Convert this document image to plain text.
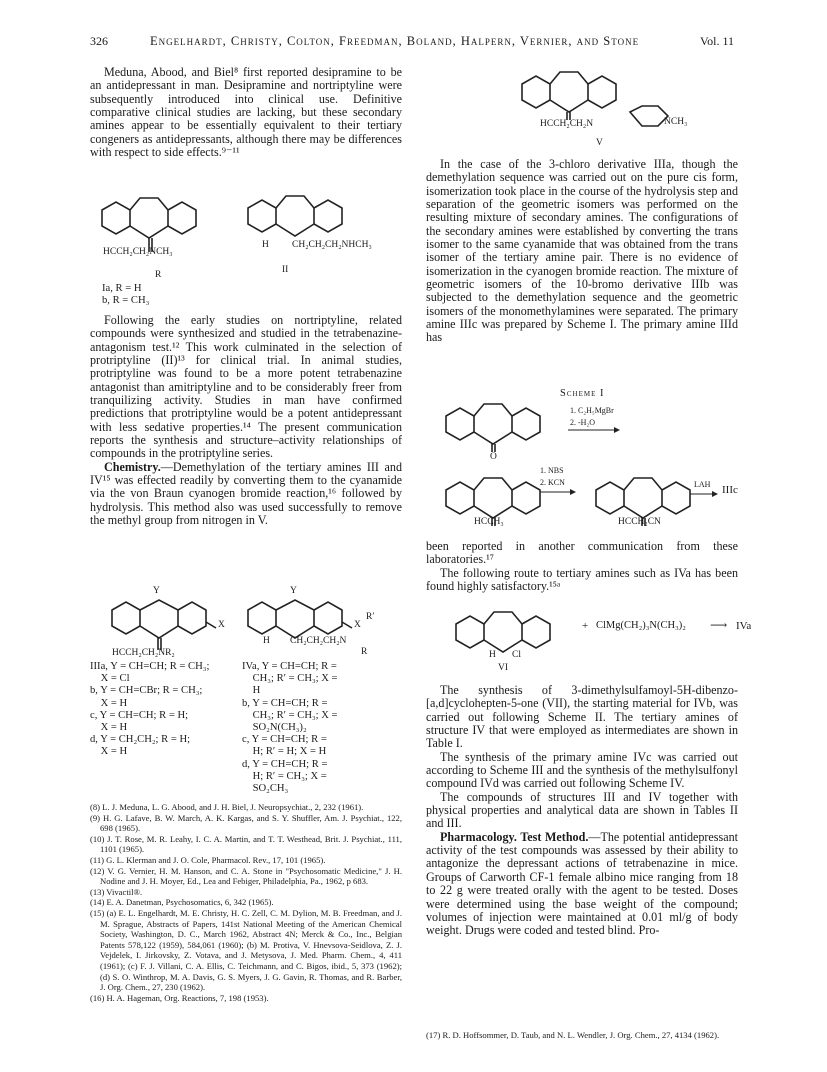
326	Engelhardt, Christy, Colton, Freedman, Boland, Halpern, Vernier, and Stone	Vol. 11

Meduna, Abood, and Biel⁸ first reported desipramine to be an antidepressant in man. Desipramine and nortriptyline were subsequently introduced into clinical use. Definitive comparative clinical studies are lacking, but these secondary amines appear to be essentially equivalent to their tertiary congeners as antidepressants, although there may be differences with respect to side effects.⁹⁻¹¹

HCCH₂CH₂NCH₃
R
Ia, R = H
b, R = CH₃
H CH₂CH₂CH₂NHCH₃
II

Following the early studies on nortriptyline, related compounds were synthesized and studied in the tetrabenazine-antagonism test.¹² This work culminated in the selection of protriptyline (II)¹³ for clinical trial. In animal studies, protriptyline was found to be a more potent tetrabenazine antagonist than amitriptyline and to be considerably freer from tranquilizing activity. Studies in man have confirmed predictions that protriptyline would be a potent antidepressant with less sedative properties.¹⁴ The present communication reports the synthesis and structure–activity relationships of compounds in the protriptyline series.

Chemistry.—Demethylation of the tertiary amines III and IV¹⁵ was effected readily by converting them to the cyanamide via the von Braun cyanogen bromide reaction,¹⁶ followed by hydrolysis. This method also was used successfully to remove the methyl group from nitrogen in V.

Y
X
HCCH₂CH₂NR₂
IIIa, Y = CH=CH; R = CH₃;
X = Cl
b, Y = CH=CBr; R = CH₃;
X = H
c, Y = CH=CH; R = H;
X = H
d, Y = CH₂CH₂; R = H;
X = H
Y
X
R′
H CH₂CH₂CH₂N
R
IVa, Y = CH=CH; R =
CH₃; R′ = CH₃; X =
H
b, Y = CH=CH; R =
CH₃; R′ = CH₃; X =
SO₂N(CH₃)₂
c, Y = CH=CH; R =
H; R′ = H; X = H
d, Y = CH=CH; R =
H; R′ = CH₃; X =
SO₂CH₃

(8) L. J. Meduna, L. G. Abood, and J. H. Biel, J. Neuropsychiat., 2, 232 (1961).

(9) H. G. Lafave, B. W. March, A. K. Kargas, and S. Y. Shuffler, Am. J. Psychiat., 122, 698 (1965).

(10) J. T. Rose, M. R. Leahy, I. C. A. Martin, and T. T. Westhead, Brit. J. Psychiat., 111, 1101 (1965).

(11) G. L. Klerman and J. O. Cole, Pharmacol. Rev., 17, 101 (1965).

(12) V. G. Vernier, H. M. Hanson, and C. A. Stone in "Psychosomatic Medicine," J. H. Nodine and J. H. Moyer, Ed., Lea and Febiger, Philadelphia, Pa., 1962, p 683.

(13) Vivactil®.

(14) E. A. Danetman, Psychosomatics, 6, 342 (1965).

(15) (a) E. L. Engelhardt, M. E. Christy, H. C. Zell, C. M. Dylion, M. B. Freedman, and J. M. Sprague, Abstracts of Papers, 141st National Meeting of the American Chemical Society, Washington, D. C., March 1962, Abstract 4N; Merck & Co., Inc., Belgian Patents 578,122 (1959), 584,061 (1960); (b) M. Protiva, V. Hnevsova-Seidlova, Z. J. Vejdelek, I. Jirkovsky, Z. Votava, and J. Metysova, J. Med. Pharm. Chem., 4, 411 (1961); (c) F. J. Villani, C. A. Ellis, C. Teichmann, and C. Bigos, ibid., 5, 373 (1962); (d) S. O. Winthrop, M. A. Davis, G. S. Myers, J. G. Gavin, R. Thomas, and R. Barber, J. Org. Chem., 27, 230 (1962).

(16) H. A. Hageman, Org. Reactions, 7, 198 (1953).

HCCH₂CH₂N	NCH₃
V

In the case of the 3-chloro derivative IIIa, though the demethylation sequence was carried out on the pure cis form, isomerization took place in the course of the hydrolysis step and separation of the geometric isomers was performed on the resulting mixture of secondary amines. The configurations of the secondary amines were established by converting the trans isomer to the same cyanamide that was obtained from the trans isomer of the tertiary amine pair. There is no evidence of isomerization in the cyanogen bromide reaction. The mixture of geometric isomers of the 10-bromo derivative IIIb was subjected to the demethylation sequence and the geometric isomers of the monomethylamines were separated. The primary amine IIIc was prepared by Scheme I. The primary amine IIId has

Scheme I
O
1. C₂H₅MgBr
2. -H₂O
HCCH₃
1. NBS
2. KCN
HCCH₂CN
LAH IIIc

been reported in another communication from these laboratories.¹⁷

The following route to tertiary amines such as IVa has been found highly satisfactory.¹⁵ᵃ

H Cl
VI
+ ClMg(CH₂)₃N(CH₃)₂ ⟶ IVa

The synthesis of 3-dimethylsulfamoyl-5H-dibenzo-[a,d]cyclohepten-5-one (VII), the starting material for IVb, was carried out following Scheme II. The tertiary amines of structure IV that were employed as intermediates are shown in Table I.

The synthesis of the primary amine IVc was carried out according to Scheme III and the synthesis of the methylsulfonyl compound IVd was carried out following Scheme IV.

The compounds of structures III and IV together with physical properties and analytical data are shown in Tables II and III.

Pharmacology. Test Method.—The potential antidepressant activity of the test compounds was assessed by their ability to antagonize the depressant actions of tetrabenazine in mice. Groups of Carworth CF-1 female albino mice ranging from 18 to 22 g were treated orally with the agent to be tested. Doses were determined using the base weight of the compound; volumes of injection were maintained at 0.01 ml/g of body weight. Drugs were coded and tested blind. Pro-

(17) R. D. Hoffsommer, D. Taub, and N. L. Wendler, J. Org. Chem., 27, 4134 (1962).
